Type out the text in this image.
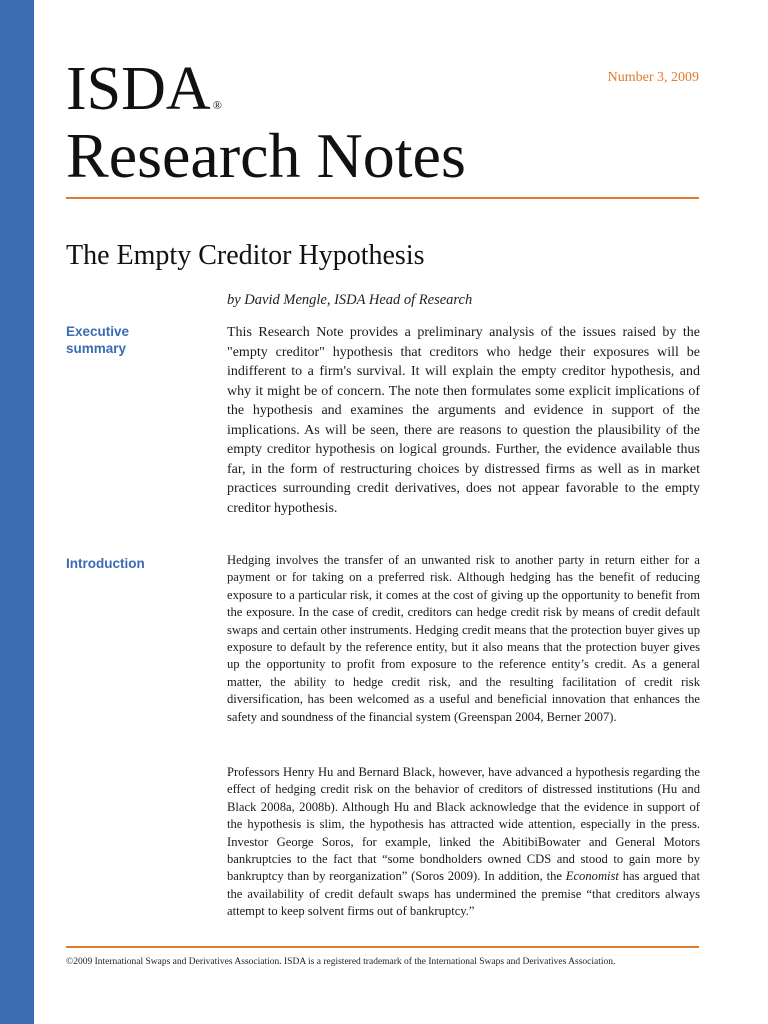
ISDA ®
Research Notes
Number 3, 2009
The Empty Creditor Hypothesis
by David Mengle, ISDA Head of Research
Executive summary
This Research Note provides a preliminary analysis of the issues raised by the "empty creditor" hypothesis that creditors who hedge their exposures will be indifferent to a firm's survival. It will explain the empty creditor hypothesis, and why it might be of concern. The note then formulates some explicit implications of the hypothesis and examines the arguments and evidence in support of the implications. As will be seen, there are reasons to question the plausibility of the empty creditor hypothesis on logical grounds. Further, the evidence available thus far, in the form of restructuring choices by distressed firms as well as in market practices surrounding credit derivatives, does not appear favorable to the empty creditor hypothesis.
Introduction	Hedging involves the transfer of an unwanted risk to another party in return either for a payment or for taking on a preferred risk. Although hedging has the benefit of reducing exposure to a particular risk, it comes at the cost of giving up the opportunity to benefit from the exposure. In the case of credit, creditors can hedge credit risk by means of credit default swaps and certain other instruments. Hedging credit means that the protection buyer gives up exposure to default by the reference entity, but it also means that the protection buyer gives up the opportunity to profit from exposure to the reference entity’s credit. As a general matter, the ability to hedge credit risk, and the resulting facilitation of credit risk diversification, has been welcomed as a useful and beneficial innovation that enhances the safety and soundness of the financial system (Greenspan 2004, Berner 2007).
Professors Henry Hu and Bernard Black, however, have advanced a hypothesis regarding the effect of hedging credit risk on the behavior of creditors of distressed institutions (Hu and Black 2008a, 2008b). Although Hu and Black acknowledge that the evidence in support of the hypothesis is slim, the hypothesis has attracted wide attention, especially in the press. Investor George Soros, for example, linked the AbitibiBowater and General Motors bankruptcies to the fact that “some bondholders owned CDS and stood to gain more by bankruptcy than by reorganization” (Soros 2009). In addition, the Economist has argued that the availability of credit default swaps has undermined the premise “that creditors always attempt to keep solvent firms out of bankruptcy.”
©2009 International Swaps and Derivatives Association. ISDA is a registered trademark of the International Swaps and Derivatives Association.
